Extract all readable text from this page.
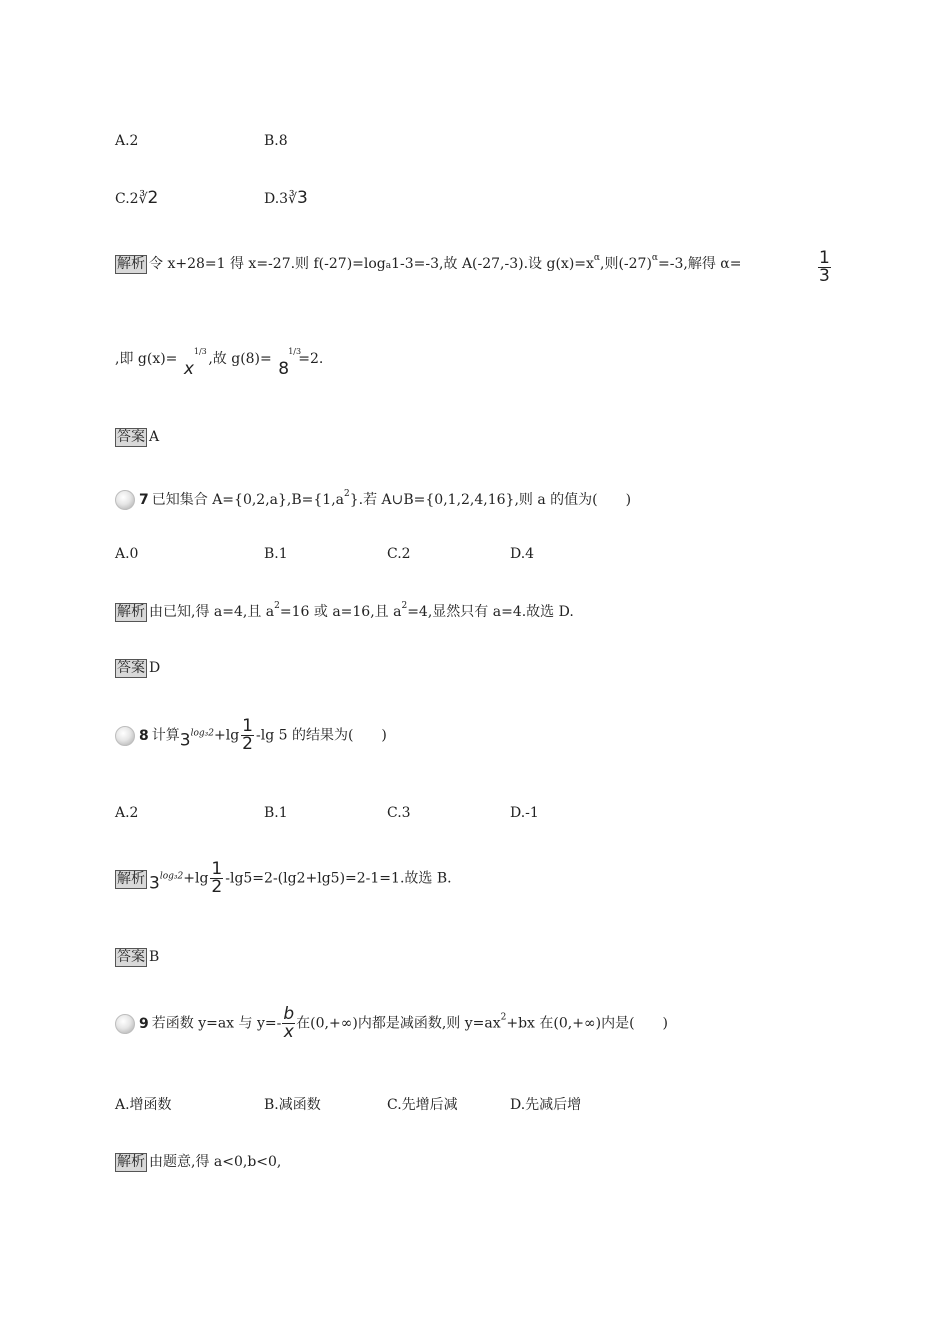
A.2	B.8
C.2∛2	D.3∛3
解析 令 x+28=1 得 x=-27.则 f(-27)=loga1-3=-3,故 A(-27,-3).设 $g(x)=x^\alpha$,则$(-27)^\alpha=-3$,解得 α=	$\frac{1}{3}$
,即 g(x)= x
1/3 ,故 g(8)= 8
1/3
=2.
答案 A
7 已知集合 $A=\{0,2,a\},B=\{1,a^2\}$.若 A∪B={0,1,2,4,16},则 a 的值为(　　)
A.0	B.1	C.2	D.4
解析 由已知,得 a=4,且 $a^2=16$ 或 a=16,且 $a^2=4$,显然只有 a=4.故选 D.
答案 D
8 计算$3^{log_32}+\lg \frac{1}{2} -\lg$ 5 的结果为(　　)
A.2	B.1	C.3	D.-1
解析 $3^{log_32}+\lg \frac{1}{2} -\lg 5=2-(\lg 2+\lg 5)=2-1=1$.故选 B.
答案 B
9 若函数 y=ax 与 $y=- \frac{b}{x}$ 在(0,+∞)内都是减函数,则 $y=ax^2+bx$ 在(0,+∞)内是(　　)
A.增函数	B.减函数	C.先增后减	D.先减后增
解析 由题意,得 a<0,b<0,
